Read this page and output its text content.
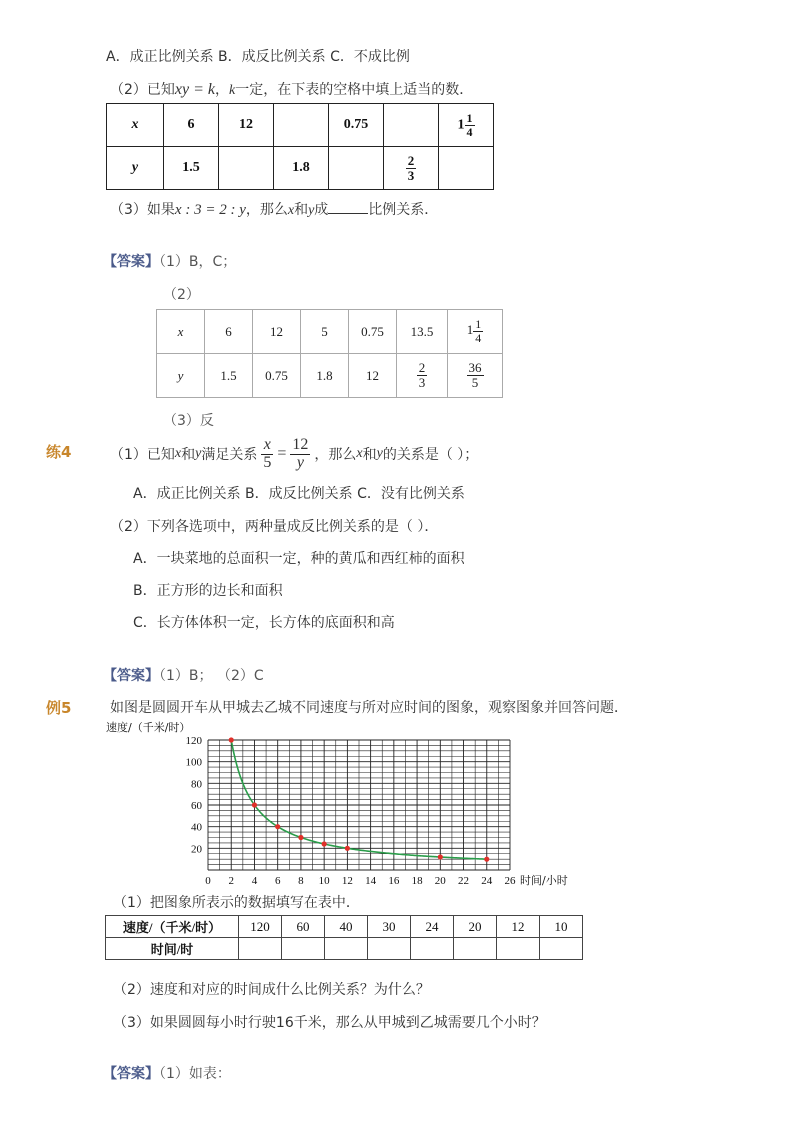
A．成正比例关系 B．成反比例关系 C．不成比例
（2）已知xy = k，k一定，在下表的空格中填上适当的数．
x	6	12		0.75		$1 \frac{1}{4}$

y	1.5		1.8		$\frac{2}{3}$

（3）如果x : 3 = 2 : y，那么x和y成	比例关系．
【答案】（1）B，C；
（2）
x	6	12	5	0.75	13.5	$1 \frac{1}{4}$

y	1.5	0.75	1.8	12	$\frac{2}{3}$	$\frac{36}{5}$
（3）反
练4	（1）已知 x 和 y 满足关系 $\frac{x}{5} = \frac{12}{y}$ ，那么 x 和 y 的关系是（ ）；
A．成正比例关系 B．成反比例关系 C．没有比例关系
（2）下列各选项中，两种量成反比例关系的是（ ）．
A．一块菜地的总面积一定，种的黄瓜和西红柿的面积
B．正方形的边长和面积
C．长方体体积一定，长方体的底面积和高
【答案】（1）B； （2）C
例5	如图是圆圆开车从甲城去乙城不同速度与所对应时间的图象，观察图象并回答问题．
速度/（千米/时）
0 2 4 6 8 10 12 14 16 18 20 22 24 26
20
40
60
80
100
120
时间/小时
（1）把图象所表示的数据填写在表中．
速度/（千米/时）	120	60	40	30	24	20	12	10
时间/时								
（2）速度和对应的时间成什么比例关系？为什么？
（3）如果圆圆每小时行驶16千米，那么从甲城到乙城需要几个小时？
【答案】（1）如表：
